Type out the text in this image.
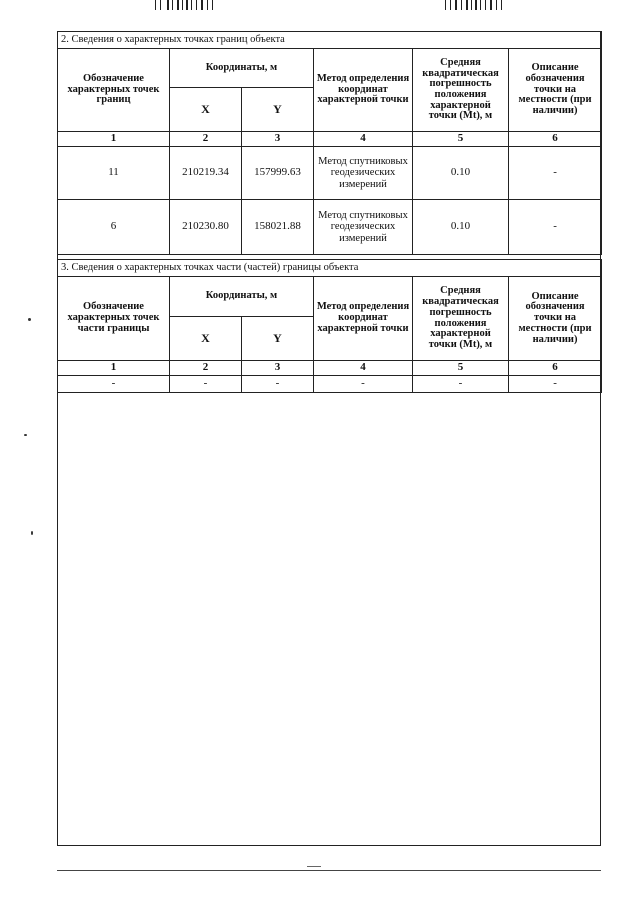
2. Сведения о характерных точках границ объекта					
Обозначение характерных точек границ	Координаты, м		Метод определения координат характерной точки	Средняя квадратическая погрешность положения характерной точки (Mt), м	Описание обозначения точки на местности (при наличии)
	X	Y			
1	2	3	4	5	6
11	210219.34	157999.63	Метод спутниковых геодезических измерений	0.10	-
6	210230.80	158021.88	Метод спутниковых геодезических измерений	0.10	-
3. Сведения о характерных точках части (частей) границы объекта					
Обозначение характерных точек части границы	Координаты, м		Метод определения координат характерной точки	Средняя квадратическая погрешность положения характерной точки (Mt), м	Описание обозначения точки на местности (при наличии)
	X	Y			
1	2	3	4	5	6
-	-	-	-	-	-
